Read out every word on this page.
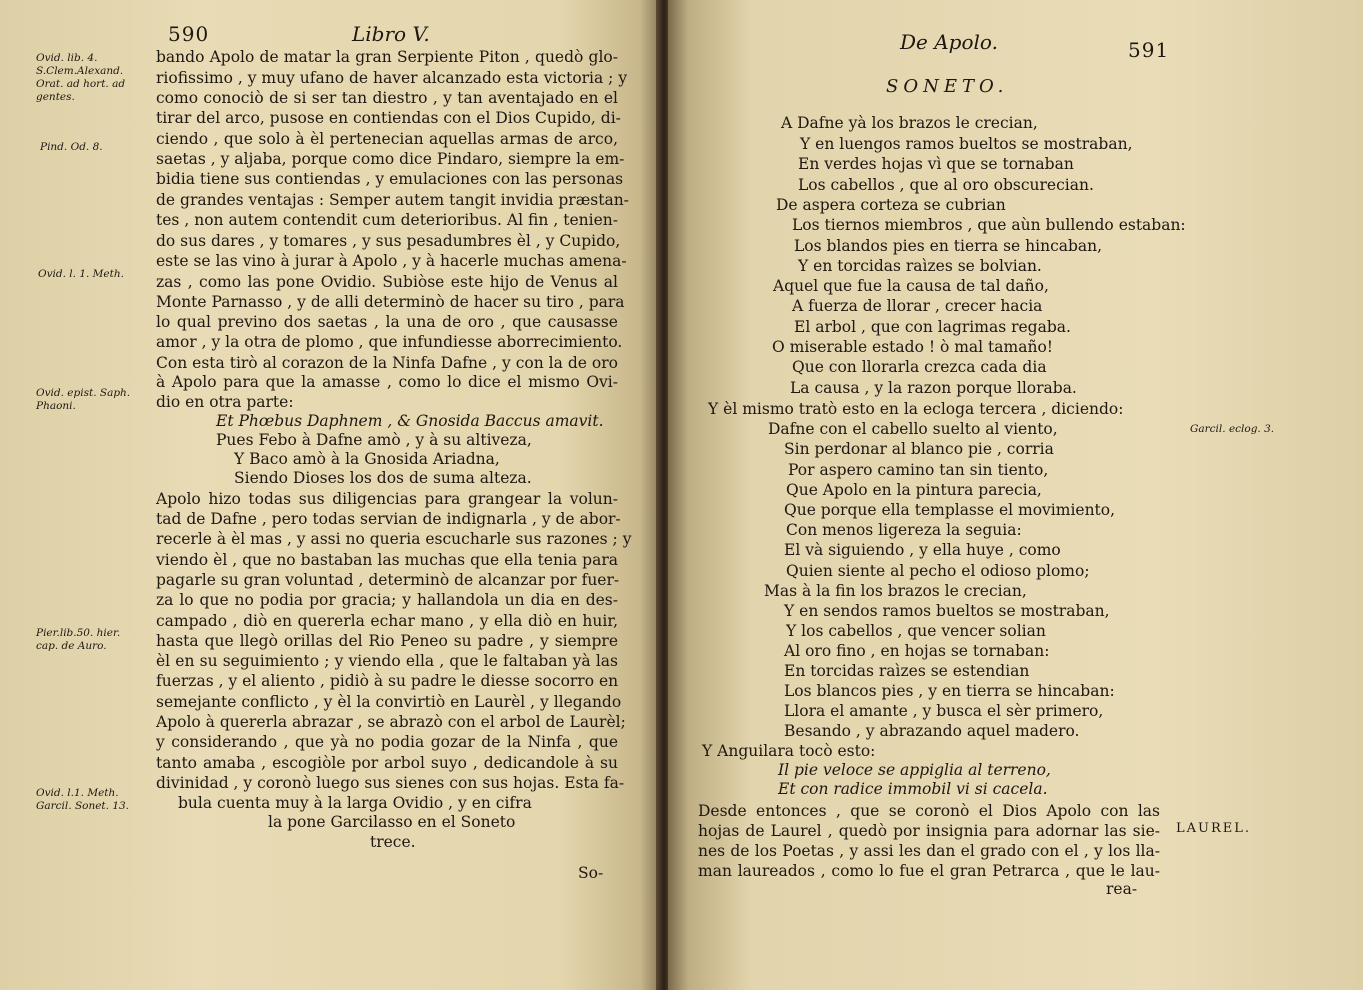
590	Libro V.
Ovid. lib. 4.
S.Clem.Alexand.
Orat. ad hort. ad
gentes.
Pind. Od. 8.
Ovid. l. 1. Meth.
Ovid. epist. Saph.
Phaoni.
Pier.lib.50. hier.
cap. de Auro.
Ovid. l.1. Meth.
Garcil. Sonet. 13.
bando Apolo de matar la gran Serpiente Piton , quedò glo-
riofissimo , y muy ufano de haver alcanzado esta victoria ; y
como conociò de si ser tan diestro , y tan aventajado en el
tirar del arco, pusose en contiendas con el Dios Cupido, di-
ciendo , que solo à èl pertenecian aquellas armas de arco,
saetas , y aljaba, porque como dice Pindaro, siempre la em-
bidia tiene sus contiendas , y emulaciones con las personas
de grandes ventajas : Semper autem tangit invidia præstan-
tes , non autem contendit cum deterioribus. Al fin , tenien-
do sus dares , y tomares , y sus pesadumbres èl , y Cupido,
este se las vino à jurar à Apolo , y à hacerle muchas amena-
zas , como las pone Ovidio. Subiòse este hijo de Venus al
Monte Parnasso , y de alli determinò de hacer su tiro , para
lo qual previno dos saetas , la una de oro , que causasse
amor , y la otra de plomo , que infundiesse aborrecimiento.
Con esta tirò al corazon de la Ninfa Dafne , y con la de oro
à Apolo para que la amasse , como lo dice el mismo Ovi-
dio en otra parte:
Et Phœbus Daphnem , & Gnosida Baccus amavit.
Pues Febo à Dafne amò , y à su altiveza,
Y Baco amò à la Gnosida Ariadna,
Siendo Dioses los dos de suma alteza.
Apolo hizo todas sus diligencias para grangear la volun-
tad de Dafne , pero todas servian de indignarla , y de abor-
recerle à èl mas , y assi no queria escucharle sus razones ; y
viendo èl , que no bastaban las muchas que ella tenia para
pagarle su gran voluntad , determinò de alcanzar por fuer-
za lo que no podia por gracia; y hallandola un dia en des-
campado , diò en quererla echar mano , y ella diò en huir,
hasta que llegò orillas del Rio Peneo su padre , y siempre
èl en su seguimiento ; y viendo ella , que le faltaban yà las
fuerzas , y el aliento , pidiò à su padre le diesse socorro en
semejante conflicto , y èl la convirtiò en Laurèl , y llegando
Apolo à quererla abrazar , se abrazò con el arbol de Laurèl;
y considerando , que yà no podia gozar de la Ninfa , que
tanto amaba , escogiòle por arbol suyo , dedicandole à su
divinidad , y coronò luego sus sienes con sus hojas. Esta fa-
bula cuenta muy à la larga Ovidio , y en cifra
la pone Garcilasso en el Soneto
trece.
So-
De Apolo.	591
SONETO.
Garcil. eclog. 3.
LAUREL.
A Dafne yà los brazos le crecian,
Y en luengos ramos bueltos se mostraban,
En verdes hojas vì que se tornaban
Los cabellos , que al oro obscurecian.
De aspera corteza se cubrian
Los tiernos miembros , que aùn bullendo estaban:
Los blandos pies en tierra se hincaban,
Y en torcidas raìzes se bolvian.
Aquel que fue la causa de tal daño,
A fuerza de llorar , crecer hacia
El arbol , que con lagrimas regaba.
O miserable estado ! ò mal tamaño!
Que con llorarla crezca cada dia
La causa , y la razon porque lloraba.
Y èl mismo tratò esto en la ecloga tercera , diciendo:
Dafne con el cabello suelto al viento,
Sin perdonar al blanco pie , corria
Por aspero camino tan sin tiento,
Que Apolo en la pintura parecia,
Que porque ella templasse el movimiento,
Con menos ligereza la seguia:
El và siguiendo , y ella huye , como
Quien siente al pecho el odioso plomo;
Mas à la fin los brazos le crecian,
Y en sendos ramos bueltos se mostraban,
Y los cabellos , que vencer solian
Al oro fino , en hojas se tornaban:
En torcidas raìzes se estendian
Los blancos pies , y en tierra se hincaban:
Llora el amante , y busca el sèr primero,
Besando , y abrazando aquel madero.
Y Anguilara tocò esto:
Il pie veloce se appiglia al terreno,
Et con radice immobil vi si cacela.
Desde entonces , que se coronò el Dios Apolo con las
hojas de Laurel , quedò por insignia para adornar las sie-
nes de los Poetas , y assi les dan el grado con el , y los lla-
man laureados , como lo fue el gran Petrarca , que le lau-
rea-
